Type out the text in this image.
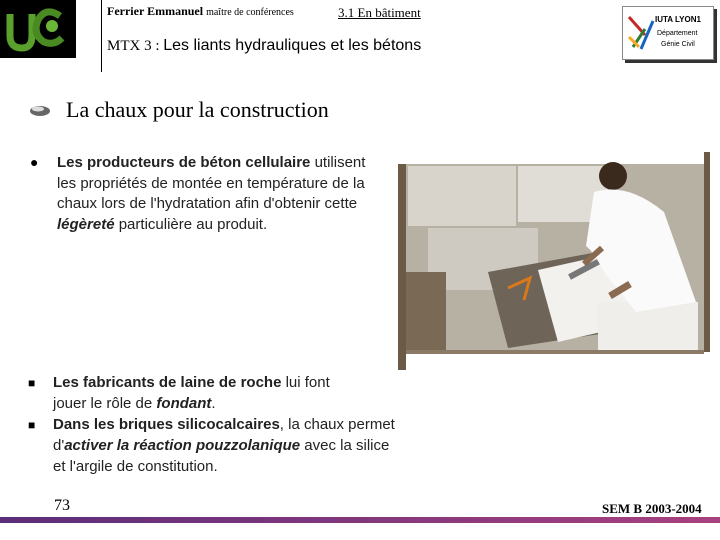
Ferrier Emmanuel maître de conférences	3.1 En bâtiment
MTX 3 : Les liants hydrauliques et les bétons
IUTA LYON1
Département
Génie Civil
La chaux pour la construction
● Les producteurs de béton cellulaire utilisent les propriétés de montée en température de la chaux lors de l'hydratation afin d'obtenir cette légèreté particulière au produit.
■ Les fabricants de laine de roche lui font jouer le rôle de fondant.
■ Dans les briques silicocalcaires, la chaux permet d'activer la réaction pouzzolanique avec la silice et l'argile de constitution.
73	SEM B 2003-2004
